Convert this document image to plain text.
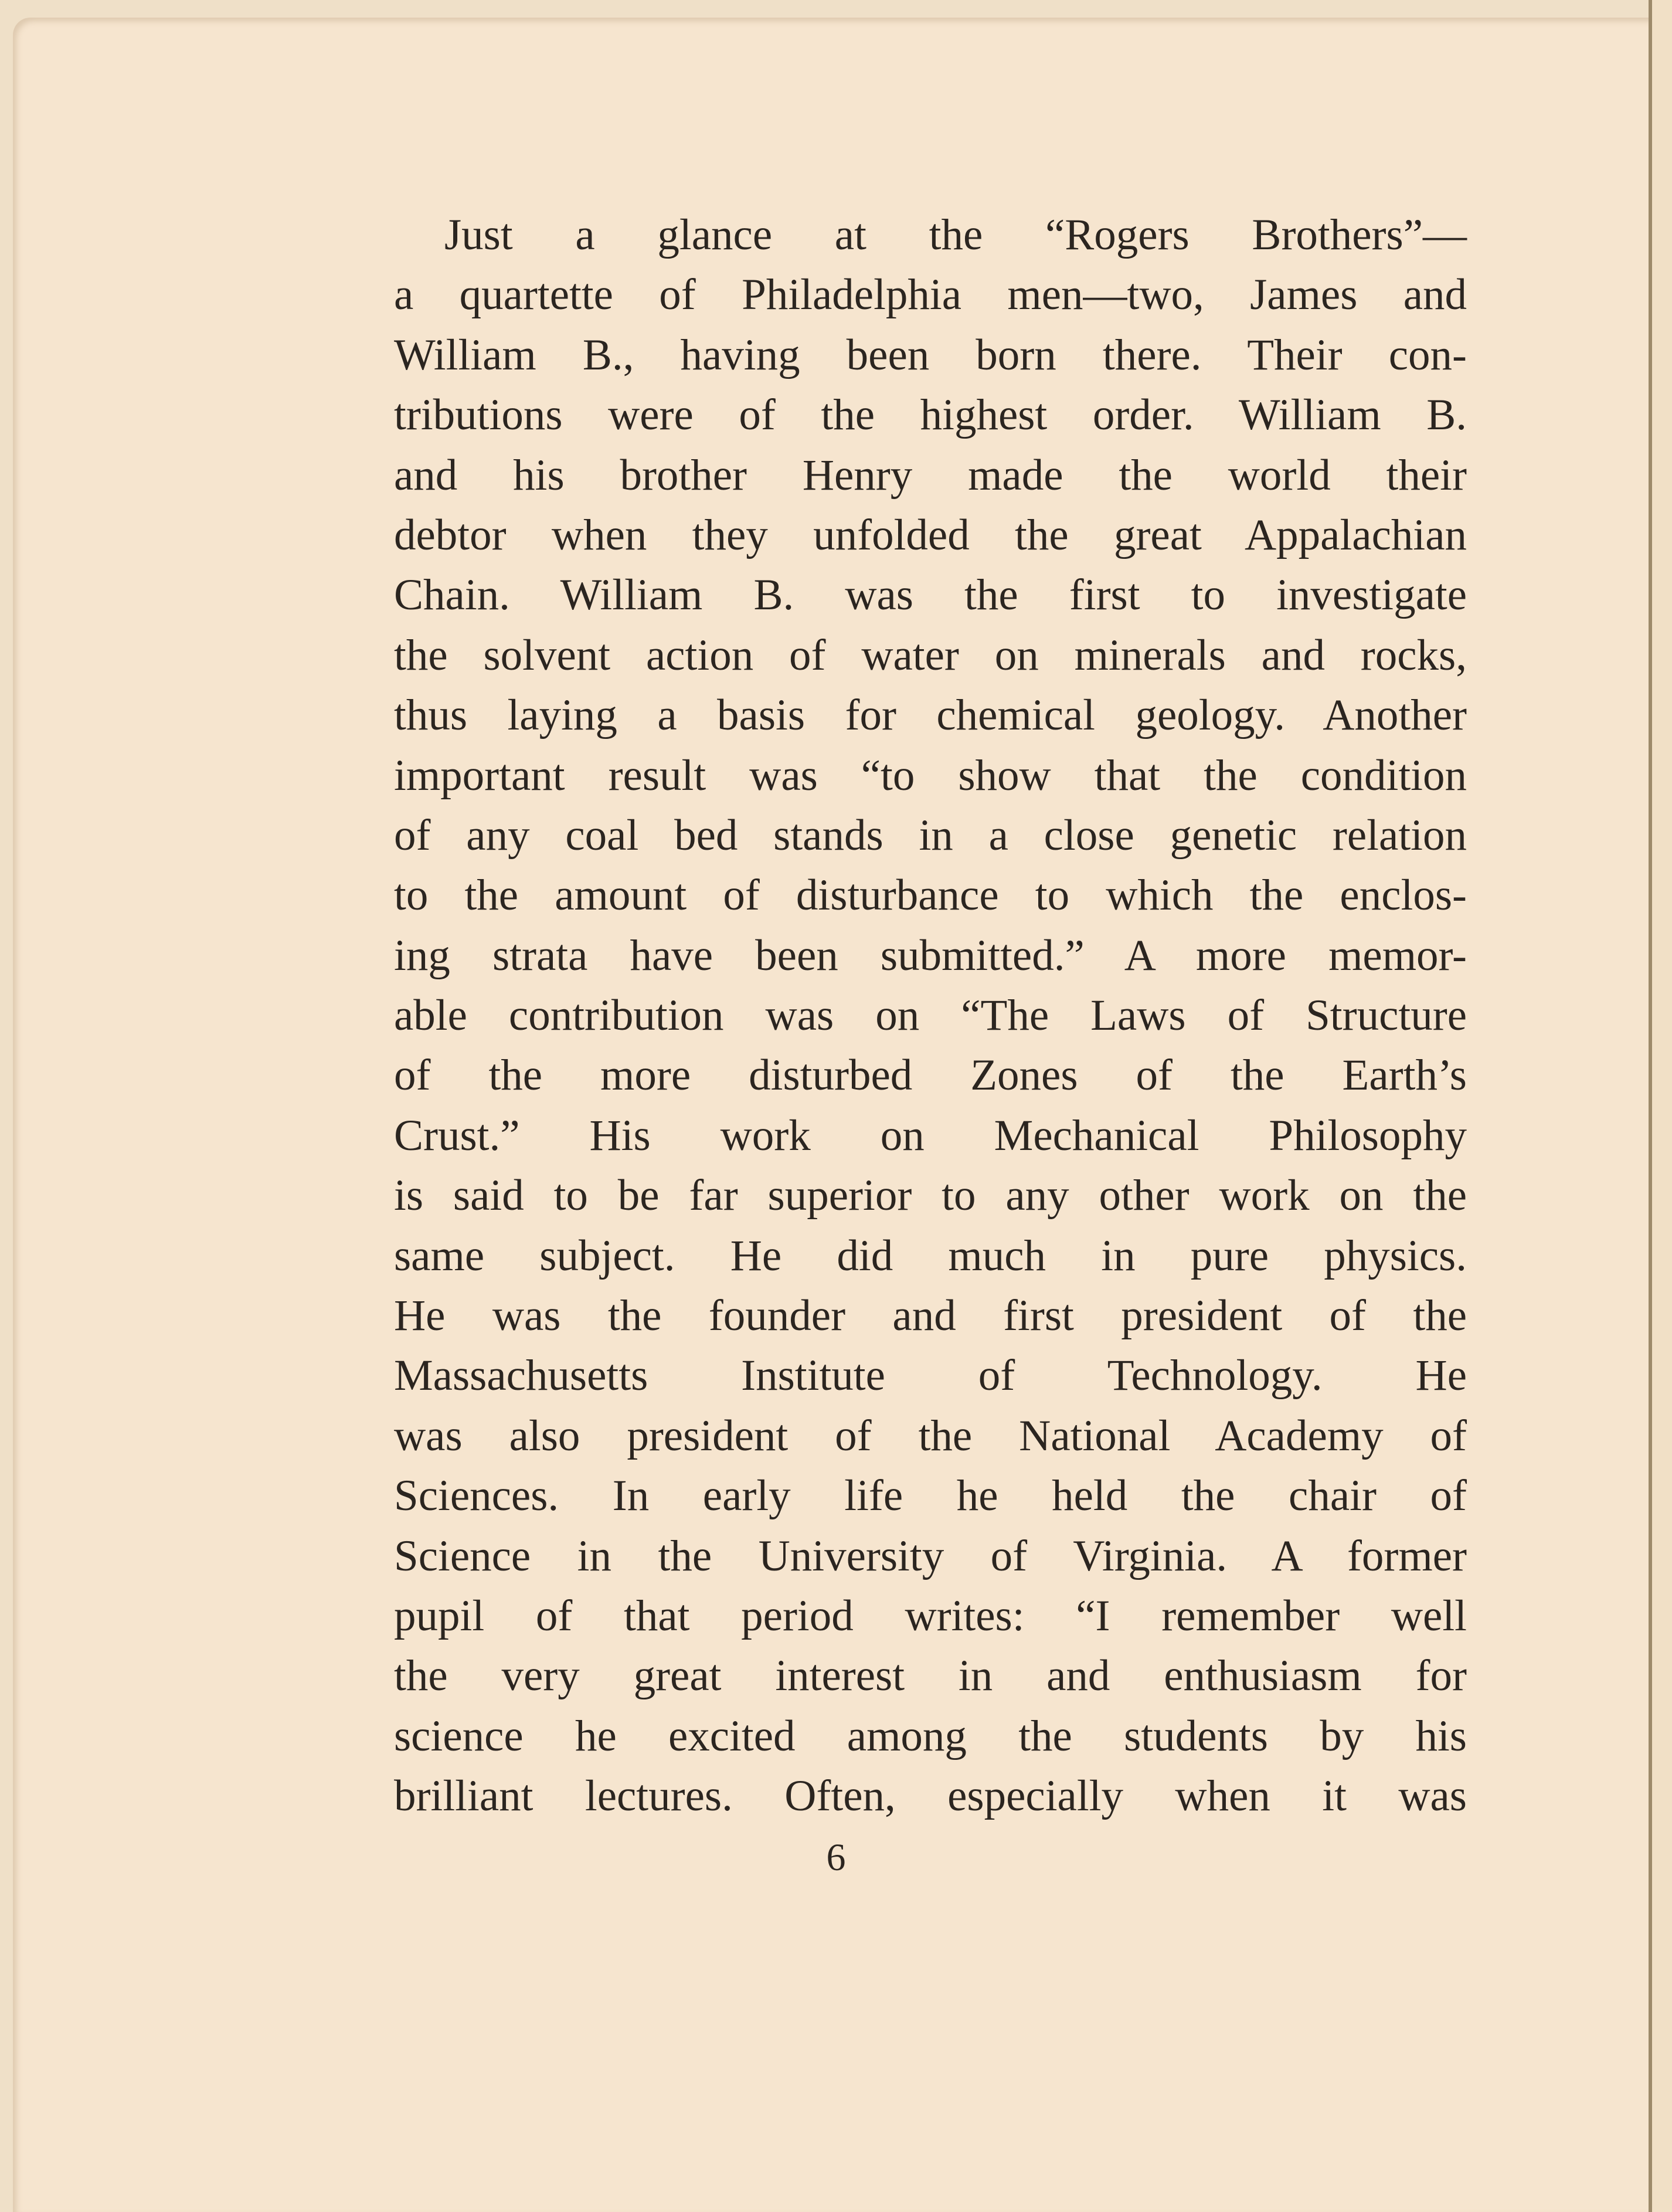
Just a glance at the “Rogers Brothers”—
a quartette of Philadelphia men—two, James and
William B., having been born there. Their con-
tributions were of the highest order. William B.
and his brother Henry made the world their
debtor when they unfolded the great Appalachian
Chain. William B. was the first to investigate
the solvent action of water on minerals and rocks,
thus laying a basis for chemical geology. Another
important result was “to show that the condition
of any coal bed stands in a close genetic relation
to the amount of disturbance to which the enclos-
ing strata have been submitted.” A more memor-
able contribution was on “The Laws of Structure
of the more disturbed Zones of the Earth’s
Crust.” His work on Mechanical Philosophy
is said to be far superior to any other work on the
same subject. He did much in pure physics.
He was the founder and first president of the
Massachusetts Institute of Technology. He
was also president of the National Academy of
Sciences. In early life he held the chair of
Science in the University of Virginia. A former
pupil of that period writes: “I remember well
the very great interest in and enthusiasm for
science he excited among the students by his
brilliant lectures. Often, especially when it was
6
